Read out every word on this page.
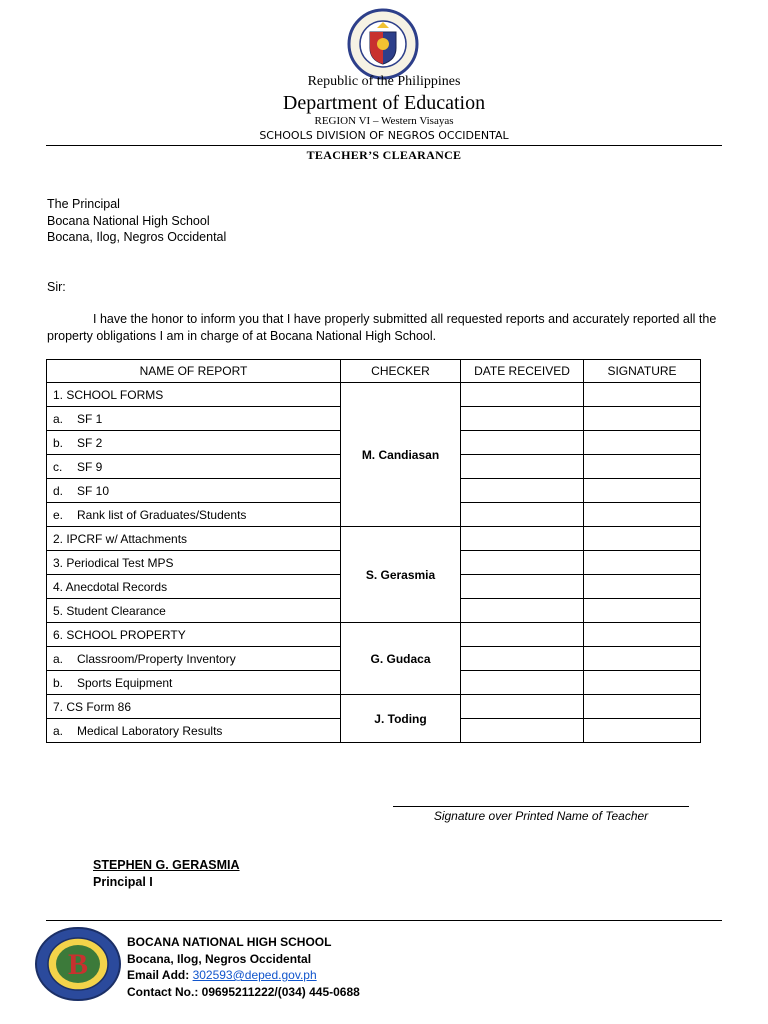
Republic of the Philippines
Department of Education
REGION VI – Western Visayas
SCHOOLS DIVISION OF NEGROS OCCIDENTAL
TEACHER’S CLEARANCE
The Principal
Bocana National High School
Bocana, Ilog, Negros Occidental
Sir:
I have the honor to inform you that I have properly submitted all requested reports and accurately reported all the property obligations I am in charge of at Bocana National High School.
NAME OF REPORT	CHECKER	DATE RECEIVED	SIGNATURE
1. SCHOOL FORMS	M. Candiasan		
a. SF 1			
b. SF 2			
c. SF 9			
d. SF 10			
e. Rank list of Graduates/Students			
2. IPCRF w/ Attachments	S. Gerasmia		
3. Periodical Test MPS			
4. Anecdotal Records			
5. Student Clearance			
6. SCHOOL PROPERTY	G. Gudaca		
a. Classroom/Property Inventory			
b. Sports Equipment			
7. CS Form 86	J. Toding		
a. Medical Laboratory Results			
Signature over Printed Name of Teacher
STEPHEN G. GERASMIA
Principal I
B
BOCANA NATIONAL HIGH SCHOOL
Bocana, Ilog, Negros Occidental
Email Add: 302593@deped.gov.ph
Contact No.: 09695211222/(034) 445-0688
